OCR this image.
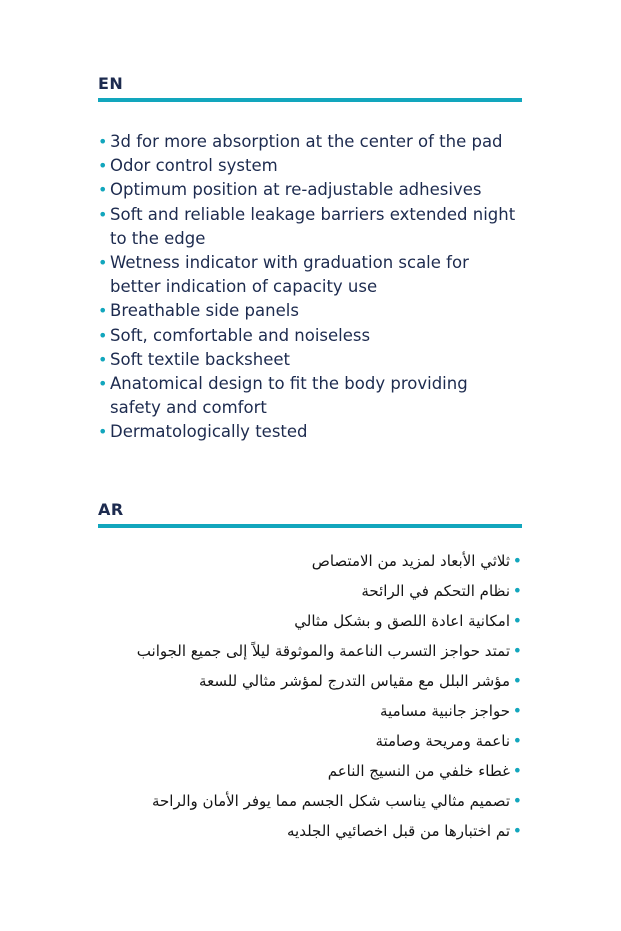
EN
• 3d for more absorption at the center of the pad
• Odor control system
• Optimum position at re-adjustable adhesives
• Soft and reliable leakage barriers extended night to the edge
• Wetness indicator with graduation scale for better indication of capacity use
• Breathable side panels
• Soft, comfortable and noiseless
• Soft textile backsheet
• Anatomical design to fit the body providing safety and comfort
• Dermatologically tested
AR
•
ثلاثي الأبعاد لمزيد من الامتصاص
•
نظام التحكم في الرائحة
•
امكانية اعادة اللصق و بشكل مثالي
•
تمتد حواجز التسرب الناعمة والموثوقة ليلاً إلى جميع الجوانب
•
مؤشر البلل مع مقياس التدرج لمؤشر مثالي للسعة
•
حواجز جانبية مسامية
•
ناعمة ومريحة وصامتة
•
غطاء خلفي من النسيج الناعم
•
تصميم مثالي يناسب شكل الجسم مما يوفر الأمان والراحة
•
تم اختبارها من قبل اخصائيي الجلديه
